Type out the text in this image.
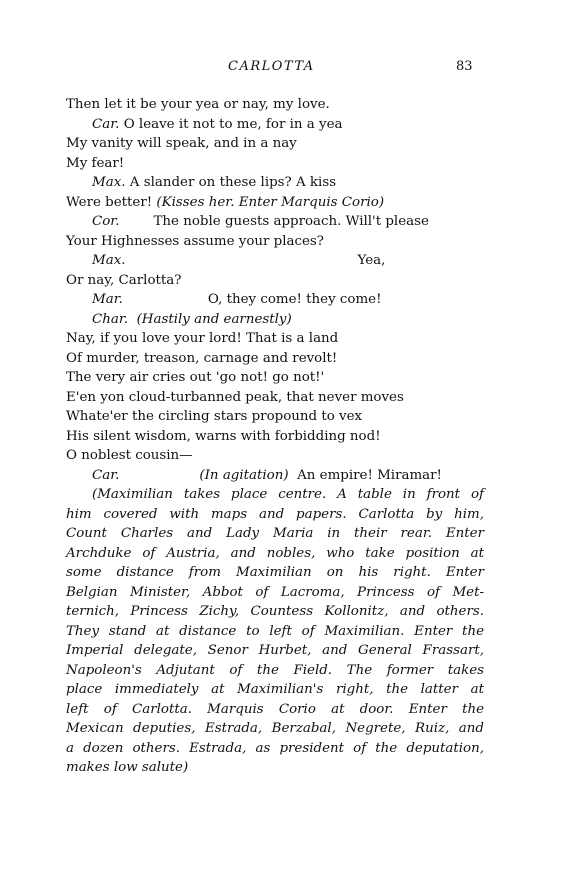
CARLOTTA	83
Then let it be your yea or nay, my love.
Car. O leave it not to me, for in a yea
My vanity will speak, and in a nay
My fear!
Max. A slander on these lips? A kiss
Were better! (Kisses her. Enter Marquis Corio)
Cor.	The noble guests approach. Will't please
Your Highnesses assume your places?
Max.	Yea,
Or nay, Carlotta?
Mar.	O, they come! they come!
Char. (Hastily and earnestly)
Nay, if you love your lord! That is a land
Of murder, treason, carnage and revolt!
The very air cries out 'go not! go not!'
E'en yon cloud-turbanned peak, that never moves
Whate'er the circling stars propound to vex
His silent wisdom, warns with forbidding nod!
O noblest cousin—
Car.	(In agitation) An empire! Miramar!
(Maximilian takes place centre. A table in front of
him covered with maps and papers. Carlotta by him,
Count Charles and Lady Maria in their rear. Enter
Archduke of Austria, and nobles, who take position at
some distance from Maximilian on his right. Enter
Belgian Minister, Abbot of Lacroma, Princess of Met-
ternich, Princess Zichy, Countess Kollonitz, and others.
They stand at distance to left of Maximilian. Enter the
Imperial delegate, Senor Hurbet, and General Frassart,
Napoleon's Adjutant of the Field. The former takes
place immediately at Maximilian's right, the latter at
left of Carlotta. Marquis Corio at door. Enter the
Mexican deputies, Estrada, Berzabal, Negrete, Ruiz, and
a dozen others. Estrada, as president of the deputation,
makes low salute)
